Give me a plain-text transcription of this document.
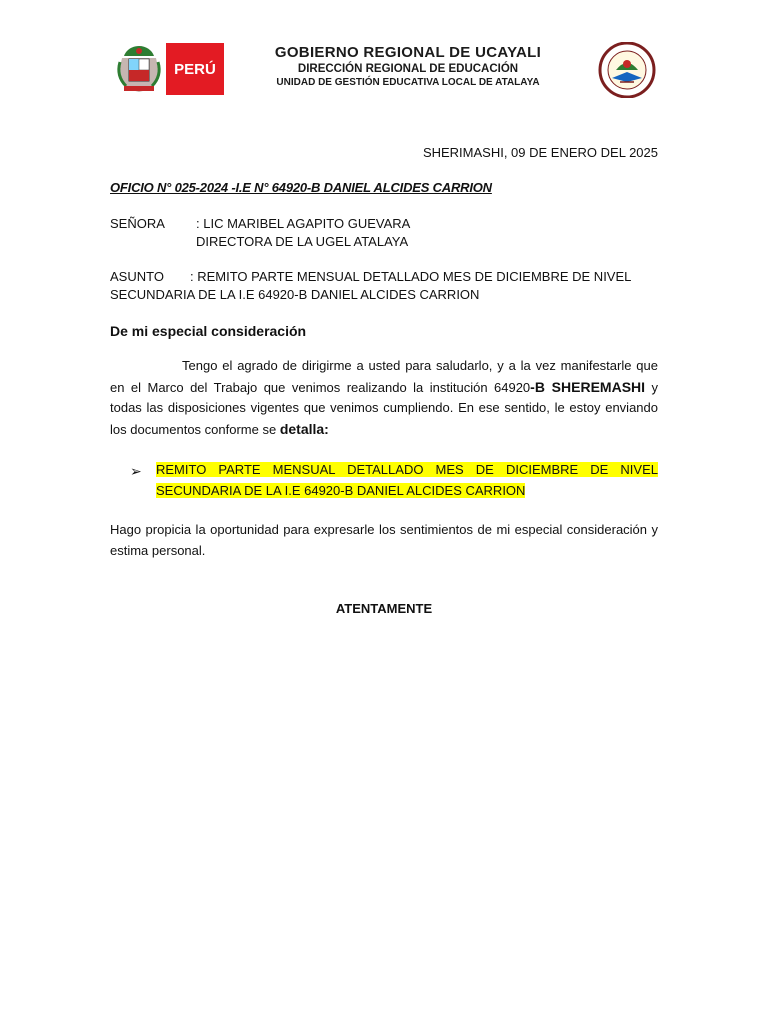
PERÚ
GOBIERNO REGIONAL DE UCAYALI
DIRECCIÓN REGIONAL DE EDUCACIÓN
UNIDAD DE GESTIÓN EDUCATIVA LOCAL DE ATALAYA
SHERIMASHI, 09 DE ENERO DEL 2025
OFICIO N° 025-2024 -I.E N° 64920-B DANIEL ALCIDES CARRION
SEÑORA : LIC MARIBEL AGAPITO GUEVARA
DIRECTORA DE LA UGEL ATALAYA
ASUNTO : REMITO PARTE MENSUAL DETALLADO MES DE DICIEMBRE DE NIVEL
SECUNDARIA DE LA I.E 64920-B DANIEL ALCIDES CARRION
De mi especial consideración
Tengo el agrado de dirigirme a usted para saludarlo, y a la vez manifestarle que en el Marco del Trabajo que venimos realizando la institución 64920-B SHEREMASHI y todas las disposiciones vigentes que venimos cumpliendo. En ese sentido, le estoy enviando los documentos conforme se detalla:
➢ REMITO PARTE MENSUAL DETALLADO MES DE DICIEMBRE DE NIVEL SECUNDARIA DE LA I.E 64920-B DANIEL ALCIDES CARRION
Hago propicia la oportunidad para expresarle los sentimientos de mi especial consideración y estima personal.
ATENTAMENTE
